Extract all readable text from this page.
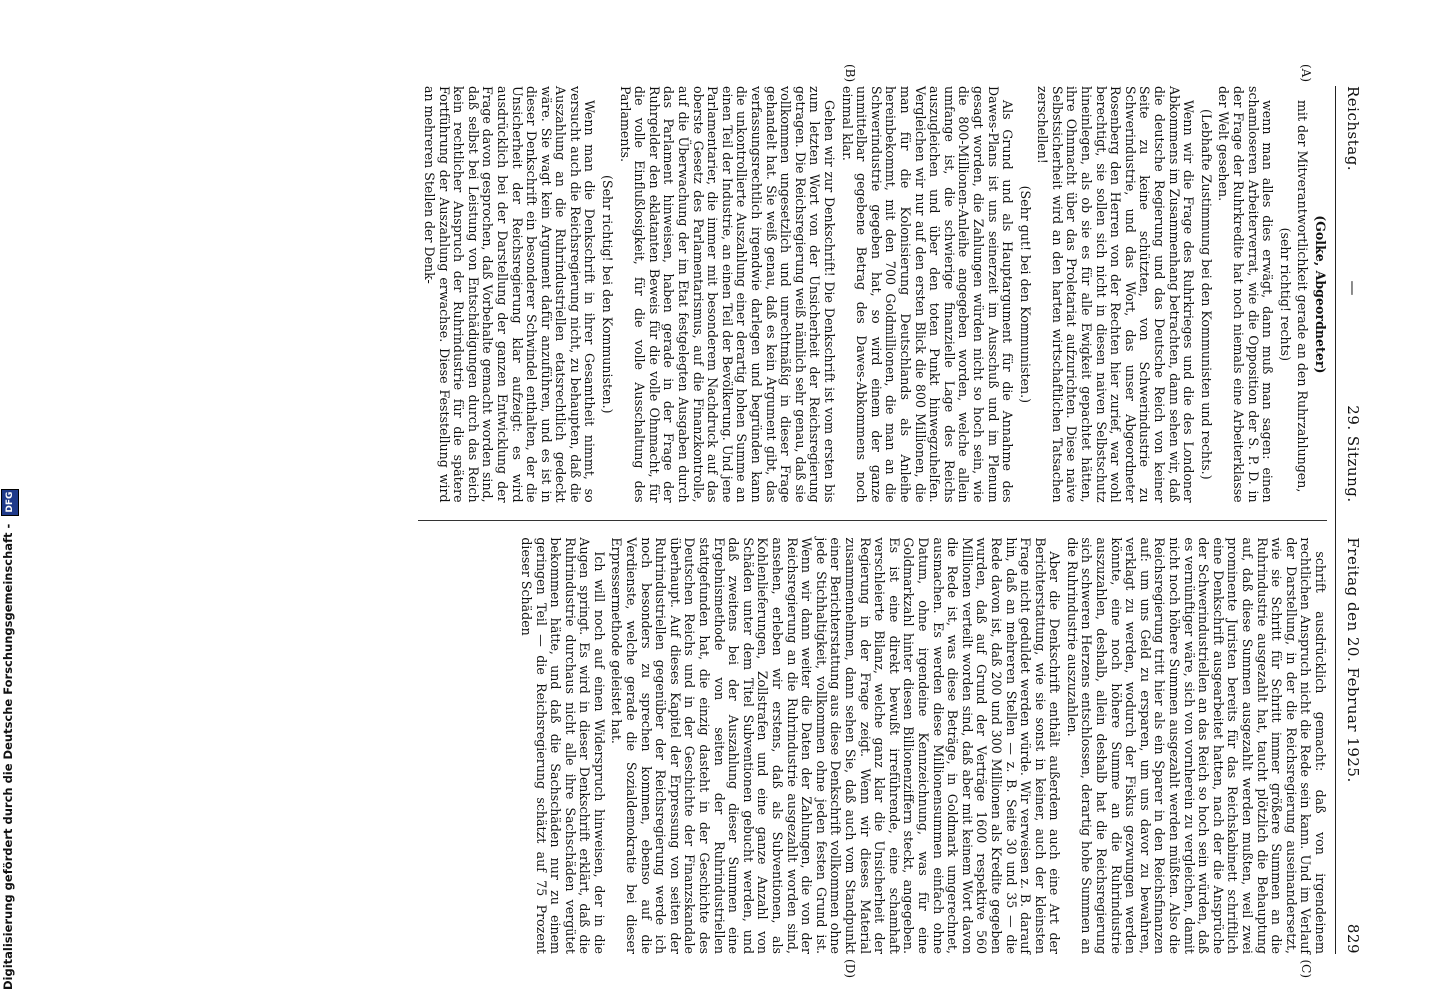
Reichstag.
—
29. Sitzung.
Freitag den 20. Februar 1925.
829
(A)
(B)

(Golke, Abgeordneter)

mit der Mitverantwortlichkeit gerade an den Ruhrzahlungen,

(sehr richtig! rechts)

wenn man alles dies erwägt, dann muß man sagen: einen schamloseren Arbeiterverrat, wie die Opposition der S. P. D. in der Frage der Ruhrkredite hat noch niemals eine Arbeiterklasse der Welt gesehen.

(Lebhafte Zustimmung bei den Kommunisten und rechts.)

Wenn wir die Frage des Ruhrkrieges und die des Londoner Abkommens im Zusammenhang betrachten, dann sehen wir, daß die deutsche Regierung und das Deutsche Reich von keiner Seite zu keine schützten, von Schwerindustrie zu Schwerindustrie, und das Wort, das unser Abgeordneter Rosenberg den Herren von der Rechten hier zurief, war wohl berechtigt, sie sollen sich nicht in diesen naiven Selbstschutz hineinlegen, als ob sie es für alle Ewigkeit gepachtet hätten, ihre Ohnmacht über das Proletariat aufzurichten. Diese naive Selbstsicherheit wird an den harten wirtschaftlichen Tatsachen zerschellen!

(Sehr gut! bei den Kommunisten.)

Als Grund und als Hauptargument für die Annahme des Dawes-Plans ist uns seinerzeit im Ausschuß und im Plenum gesagt worden, die Zahlungen würden nicht so hoch sein, wie die 800-Millionen-Anleihe angegeben worden, welche allein umfange ist, die schwierige finanzielle Lage des Reichs auszugleichen und über den toten Punkt hinwegzuhelfen. Vergleichen wir nur auf den ersten Blick die 800 Millionen, die man für die Kolonisierung Deutschlands als Anleihe hereinbekommt, mit den 700 Goldmillionen, die man an die Schwerindustrie gegeben hat, so wird einem der ganze unmittelbar gegebene Betrag des Dawes-Abkommens noch einmal klar.

Gehen wir zur Denkschrift! Die Denkschrift ist vom ersten bis zum letzten Wort von der Unsicherheit der Reichsregierung getragen. Die Reichsregierung weiß nämlich sehr genau, daß sie vollkommen ungesetzlich und unrechtmäßig in dieser Frage gehandelt hat. Sie weiß genau, daß es kein Argument gibt, das verfassungsrechtlich irgendwie darlegen und begründen kann die unkontrollierte Auszahlung einer derartig hohen Summe an einen Teil der Industrie, an einen Teil der Bevölkerung. Und jene Parlamentarier, die immer mit besonderem Nachdruck auf das oberste Gesetz des Parlamentarismus, auf die Finanzkontrolle, auf die Überwachung der im Etat festgelegten Ausgaben durch das Parlament hinweisen, haben gerade in der Frage der Ruhrgelder den eklatanten Beweis für die volle Ohnmacht, für die volle Einflußlosigkeit, für die volle Ausschaltung des Parlaments.

(Sehr richtig! bei den Kommunisten.)

Wenn man die Denkschrift in ihrer Gesamtheit nimmt, so versucht auch die Reichsregierung nicht, zu behaupten, daß die Auszahlung an die Ruhrindustriellen etatsrechtlich gedeckt wäre. Sie wagt kein Argument dafür anzuführen, und es ist in dieser Denkschrift ein besonderer Schwindel enthalten, der die Unsicherheit der Reichsregierung klar aufzeigt: es wird ausdrücklich bei der Darstellung der ganzen Entwicklung der Frage davon gesprochen, daß Vorbehalte gemacht worden sind, daß selbst bei Leistung von Entschädigungen durch das Reich kein rechtlicher Anspruch der Ruhrindustrie für die spätere Fortführung der Auszahlung erwachse. Diese Feststellung wird an mehreren Stellen der Denk-

(C)
(D)

schrift ausdrücklich gemacht: daß von irgendeinem rechtlichen Anspruch nicht die Rede sein kann. Und im Verlauf der Darstellung, in der die Reichsregierung auseinandersetzt, wie sie Schritt für Schritt immer größere Summen an die Ruhrindustrie ausgezahlt hat, taucht plötzlich die Behauptung auf, daß diese Summen ausgezahlt werden mußten, weil zwei prominente Juristen bereits für das Reichskabinett schriftlich eine Denkschrift ausgearbeitet hatten, nach der die Ansprüche der Schwerindustriellen an das Reich so hoch sein würden, daß es vernünftiger wäre, sich von vornherein zu vergleichen, damit nicht noch höhere Summen ausgezahlt werden müßten. Also die Reichsregierung tritt hier als ein Sparer in den Reichsfinanzen auf: um uns Geld zu ersparen, um uns davor zu bewahren, verklagt zu werden, wodurch der Fiskus gezwungen werden könnte, eine noch höhere Summe an die Ruhrindustrie auszuzahlen, deshalb, allein deshalb hat die Reichsregierung sich schweren Herzens entschlossen, derartig hohe Summen an die Ruhrindustrie auszuzahlen.

Aber die Denkschrift enthält außerdem auch eine Art der Berichterstattung, wie sie sonst in keiner, auch der kleinsten Frage nicht geduldet werden würde. Wir verweisen z. B. darauf hin, daß an mehreren Stellen — z. B. Seite 30 und 35 — die Rede davon ist, daß 200 und 300 Millionen als Kredite gegeben wurden, daß auf Grund der Verträge 1600 respektive 560 Millionen verteilt worden sind, daß aber mit keinem Wort davon die Rede ist, was diese Beträge, in Goldmark umgerechnet, ausmachen. Es werden diese Millionensummen einfach ohne Datum, ohne irgendeine Kennzeichnung, was für eine Goldmarkzahl hinter diesen Billionenziffern steckt, angegeben. Es ist eine direkt bewußt irreführende, eine schamhaft verschleierte Bilanz, welche ganz klar die Unsicherheit der Regierung in der Frage zeigt. Wenn wir dieses Material zusammennehmen, dann sehen Sie, daß auch vom Standpunkt einer Berichterstattung aus diese Denkschrift vollkommen ohne jede Stichhaltigkeit, vollkommen ohne jeden festen Grund ist. Wenn wir dann weiter die Daten der Zahlungen, die von der Reichsregierung an die Ruhrindustrie ausgezahlt worden sind, ansehen, erleben wir erstens, daß als Subventionen, als Kohlenlieferungen, Zollstrafen und eine ganze Anzahl von Schäden unter dem Titel Subventionen gebucht werden, und daß zweitens bei der Auszahlung dieser Summen eine Ergebnismethode von seiten der Ruhrindustriellen stattgefunden hat, die einzig dasteht in der Geschichte des Deutschen Reichs und in der Geschichte der Finanzskandale überhaupt. Auf dieses Kapitel der Erpressung von seiten der Ruhrindustriellen gegenüber der Reichsregierung werde ich noch besonders zu sprechen kommen, ebenso auf die Verdienste, welche gerade die Sozialdemokratie bei dieser Erpressermethode geleistet hat.

Ich will noch auf einen Widerspruch hinweisen, der in die Augen springt. Es wird in dieser Denkschrift erklärt, daß die Ruhrindustrie durchaus nicht alle ihre Sachschäden vergütet bekommen hätte, und daß die Sachschäden nur zu einem geringen Teil — die Reichsregierung schätzt auf 75 Prozent dieser Schäden

Digitalisierung gefördert durch die Deutsche Forschungsgemeinschaft - DFG
